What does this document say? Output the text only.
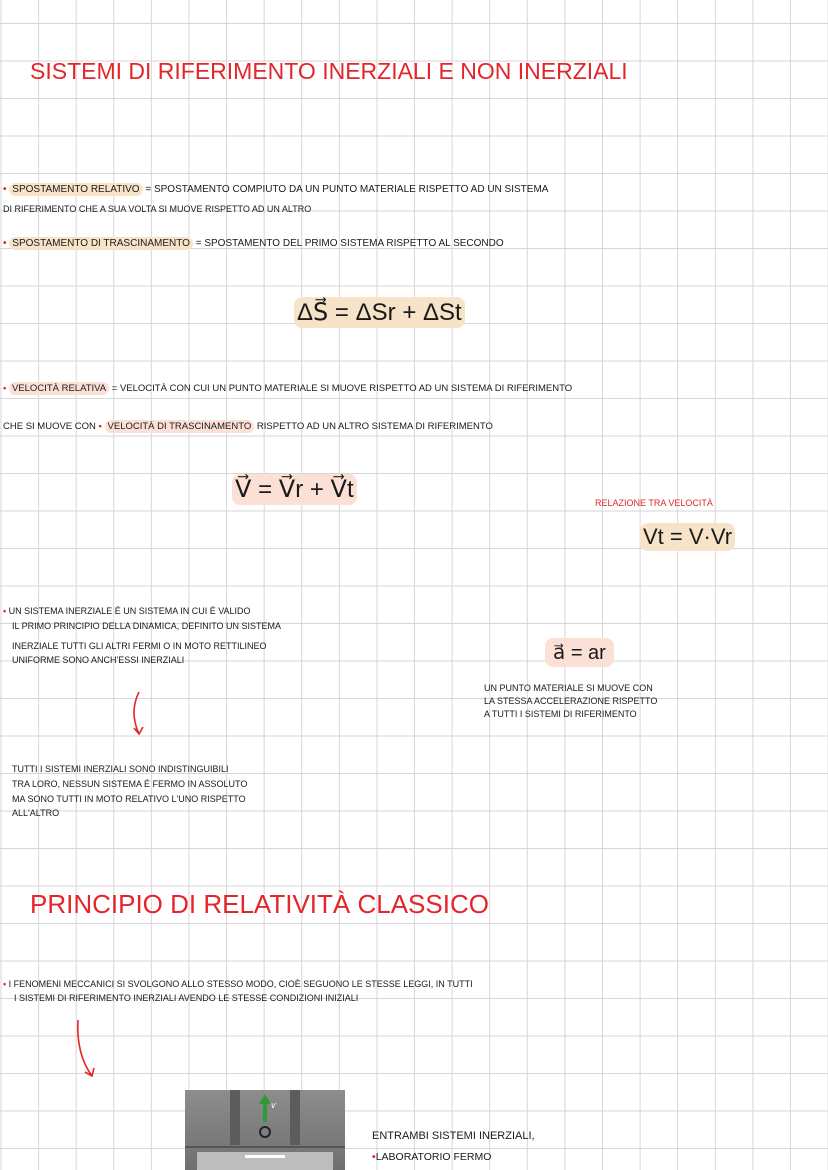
SISTEMI DI RIFERIMENTO INERZIALI E NON INERZIALI
• SPOSTAMENTO RELATIVO = SPOSTAMENTO COMPIUTO DA UN PUNTO MATERIALE RISPETTO AD UN SISTEMA
DI RIFERIMENTO CHE A SUA VOLTA SI MUOVE RISPETTO AD UN ALTRO
• SPOSTAMENTO DI TRASCINAMENTO = SPOSTAMENTO DEL PRIMO SISTEMA RISPETTO AL SECONDO
ΔS⃗ = ΔSr + ΔSt
• VELOCITÀ RELATIVA = VELOCITÀ CON CUI UN PUNTO MATERIALE SI MUOVE RISPETTO AD UN SISTEMA DI RIFERIMENTO
CHE SI MUOVE CON • VELOCITÀ DI TRASCINAMENTO RISPETTO AD UN ALTRO SISTEMA DI RIFERIMENTO
V⃗ = V⃗r + V⃗t	RELAZIONE TRA VELOCITÀ
Vt = V·Vr
• UN SISTEMA INERZIALE É UN SISTEMA IN CUI É VALIDO
IL PRIMO PRINCIPIO DELLA DINAMICA, DEFINITO UN SISTEMA
INERZIALE TUTTI GLI ALTRI FERMI O IN MOTO RETTILINEO
UNIFORME SONO ANCH'ESSI INERZIALI
TUTTI I SISTEMI INERZIALI SONO INDISTINGUIBILI
TRA LORO, NESSUN SISTEMA É FERMO IN ASSOLUTO
MA SONO TUTTI IN MOTO RELATIVO L'UNO RISPETTO
ALL'ALTRO
a⃗ = ar
UN PUNTO MATERIALE SI MUOVE CON
LA STESSA ACCELERAZIONE RISPETTO
A TUTTI I SISTEMI DI RIFERIMENTO
PRINCIPIO DI RELATIVITÀ CLASSICO
• I FENOMENI MECCANICI SI SVOLGONO ALLO STESSO MODO, CIOÈ SEGUONO LE STESSE LEGGI, IN TUTTI
I SISTEMI DI RIFERIMENTO INERZIALI AVENDO LE STESSE CONDIZIONI INIZIALI
v
ENTRAMBI SISTEMI INERZIALI,
•LABORATORIO FERMO
